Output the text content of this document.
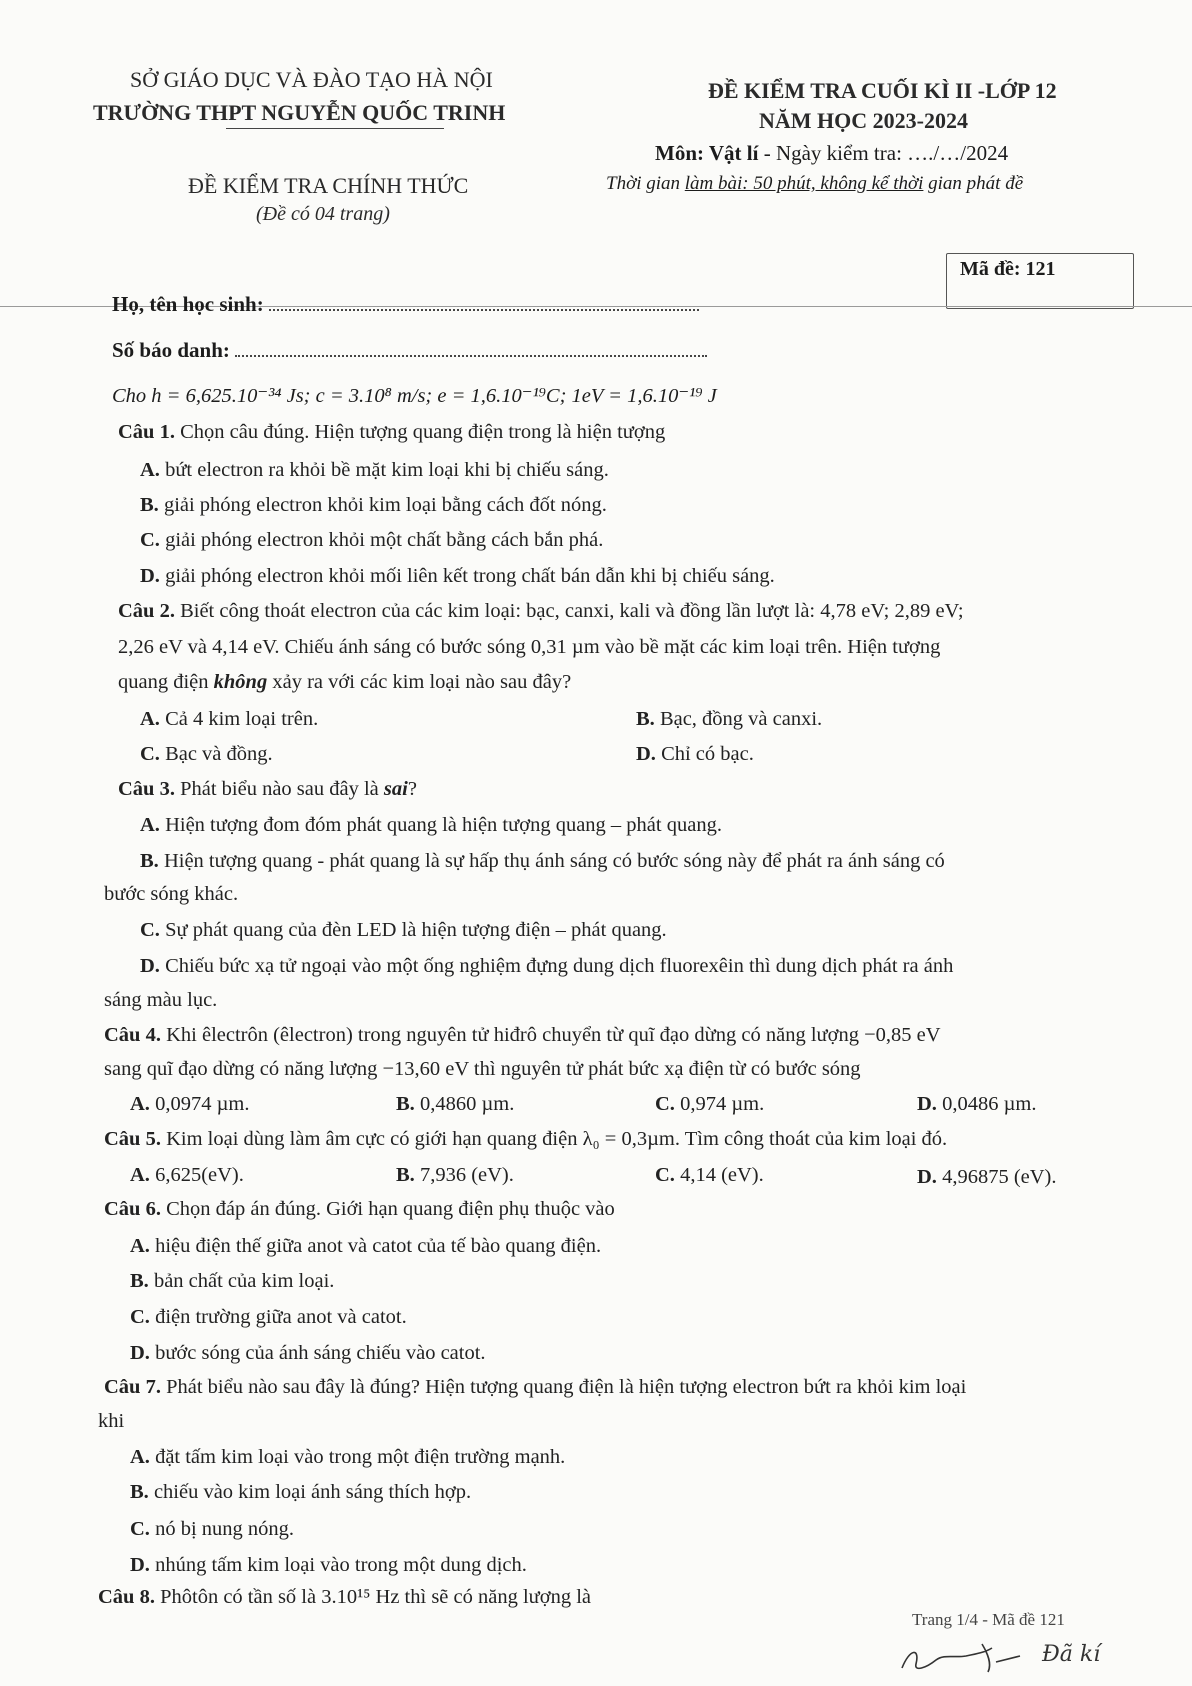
SỞ GIÁO DỤC VÀ ĐÀO TẠO HÀ NỘI
TRƯỜNG THPT NGUYỄN QUỐC TRINH
ĐỀ KIỂM TRA CHÍNH THỨC
(Đề có 04 trang)
ĐỀ KIỂM TRA CUỐI KÌ II -LỚP 12
NĂM HỌC 2023-2024
Môn: Vật lí - Ngày kiểm tra: …./…/2024
Thời gian làm bài: 50 phút, không kể thời gian phát đề
Mã đề: 121
Họ, tên học sinh:
Số báo danh:
Cho h = 6,625.10⁻³⁴ Js; c = 3.10⁸ m/s; e = 1,6.10⁻¹⁹C; 1eV = 1,6.10⁻¹⁹ J
Câu 1. Chọn câu đúng. Hiện tượng quang điện trong là hiện tượng
A. bứt electron ra khỏi bề mặt kim loại khi bị chiếu sáng.
B. giải phóng electron khỏi kim loại bằng cách đốt nóng.
C. giải phóng electron khỏi một chất bằng cách bắn phá.
D. giải phóng electron khỏi mối liên kết trong chất bán dẫn khi bị chiếu sáng.
Câu 2. Biết công thoát electron của các kim loại: bạc, canxi, kali và đồng lần lượt là: 4,78 eV; 2,89 eV;
2,26 eV và 4,14 eV. Chiếu ánh sáng có bước sóng 0,31 µm vào bề mặt các kim loại trên. Hiện tượng
quang điện không xảy ra với các kim loại nào sau đây?
A. Cả 4 kim loại trên.	B. Bạc, đồng và canxi.
C. Bạc và đồng.	D. Chỉ có bạc.
Câu 3. Phát biểu nào sau đây là sai?
A. Hiện tượng đom đóm phát quang là hiện tượng quang – phát quang.
B. Hiện tượng quang - phát quang là sự hấp thụ ánh sáng có bước sóng này để phát ra ánh sáng có
bước sóng khác.
C. Sự phát quang của đèn LED là hiện tượng điện – phát quang.
D. Chiếu bức xạ tử ngoại vào một ống nghiệm đựng dung dịch fluorexêin thì dung dịch phát ra ánh
sáng màu lục.
Câu 4. Khi êlectrôn (êlectron) trong nguyên tử hiđrô chuyển từ quĩ đạo dừng có năng lượng −0,85 eV
sang quĩ đạo dừng có năng lượng −13,60 eV thì nguyên tử phát bức xạ điện từ có bước sóng
A. 0,0974 µm.	B. 0,4860 µm.	C. 0,974 µm.	D. 0,0486 µm.
Câu 5. Kim loại dùng làm âm cực có giới hạn quang điện λ₀ = 0,3µm. Tìm công thoát của kim loại đó.
A. 6,625(eV).	B. 7,936 (eV).	C. 4,14 (eV).	D. 4,96875 (eV).
Câu 6. Chọn đáp án đúng. Giới hạn quang điện phụ thuộc vào
A. hiệu điện thế giữa anot và catot của tế bào quang điện.
B. bản chất của kim loại.
C. điện trường giữa anot và catot.
D. bước sóng của ánh sáng chiếu vào catot.
Câu 7. Phát biểu nào sau đây là đúng? Hiện tượng quang điện là hiện tượng electron bứt ra khỏi kim loại
khi
A. đặt tấm kim loại vào trong một điện trường mạnh.
B. chiếu vào kim loại ánh sáng thích hợp.
C. nó bị nung nóng.
D. nhúng tấm kim loại vào trong một dung dịch.
Câu 8. Phôtôn có tần số là 3.10¹⁵ Hz thì sẽ có năng lượng là
Trang 1/4 - Mã đề 121
Đã kí
